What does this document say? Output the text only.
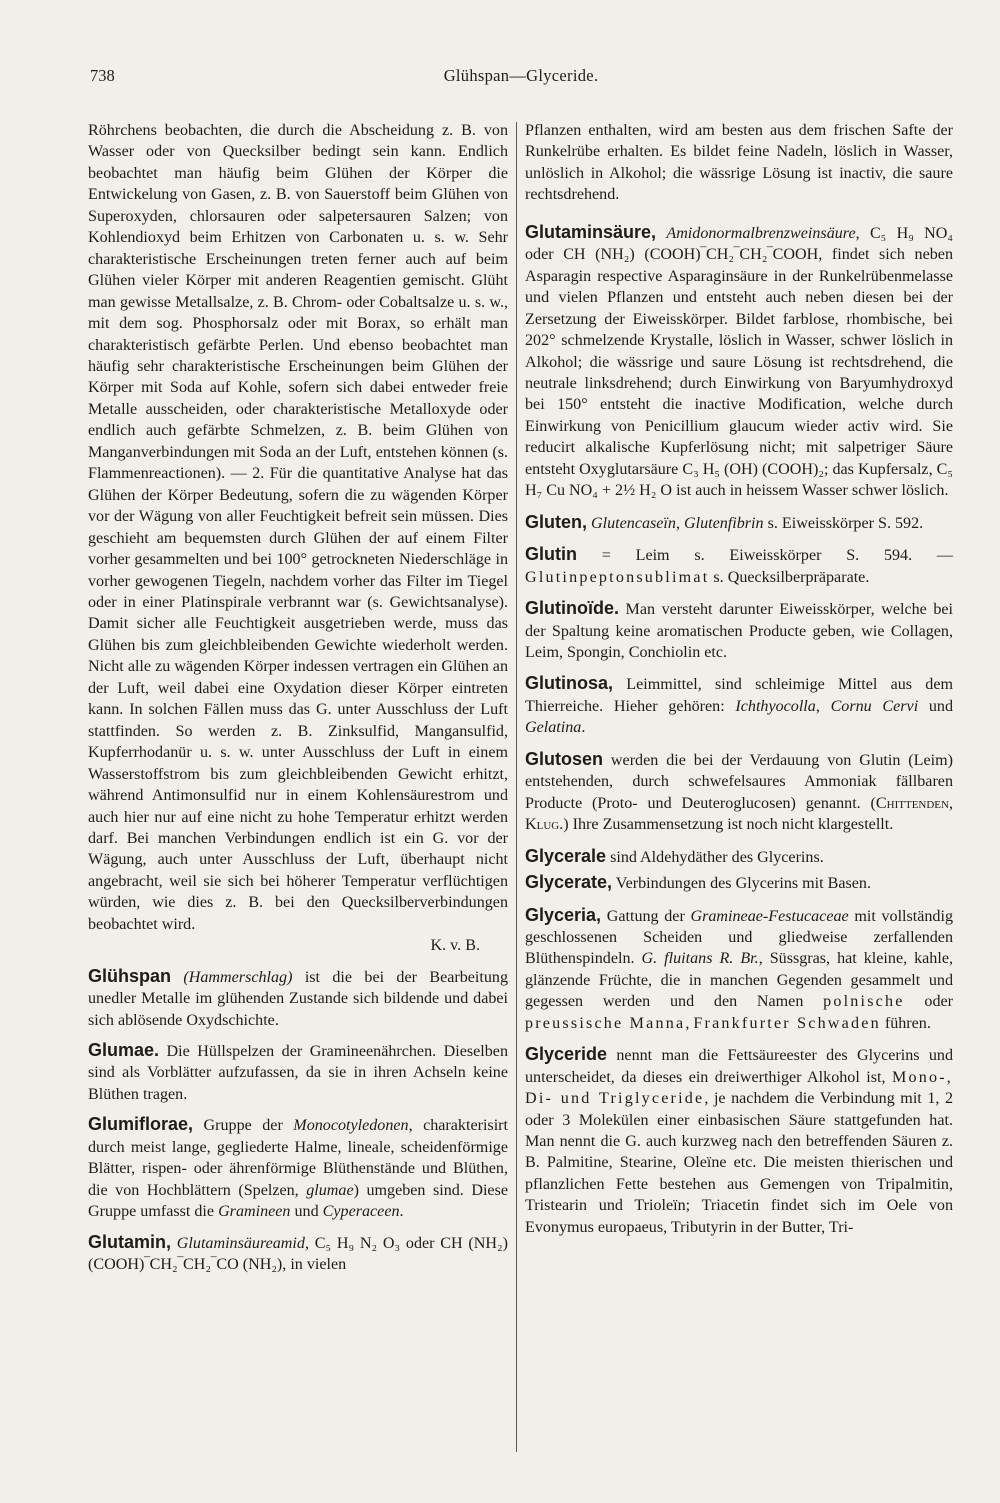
738	Glühspan—Glyceride.

Röhrchens beobachten, die durch die Abscheidung z. B. von Wasser oder von Quecksilber bedingt sein kann. Endlich beobachtet man häufig beim Glühen der Körper die Entwickelung von Gasen, z. B. von Sauerstoff beim Glühen von Superoxyden, chlorsauren oder salpetersauren Salzen; von Kohlendioxyd beim Erhitzen von Carbonaten u. s. w. Sehr charakteristische Erscheinungen treten ferner auch auf beim Glühen vieler Körper mit anderen Reagentien gemischt. Glüht man gewisse Metallsalze, z. B. Chrom- oder Cobaltsalze u. s. w., mit dem sog. Phosphorsalz oder mit Borax, so erhält man charakteristisch gefärbte Perlen. Und ebenso beobachtet man häufig sehr charakteristische Erscheinungen beim Glühen der Körper mit Soda auf Kohle, sofern sich dabei entweder freie Metalle ausscheiden, oder charakteristische Metalloxyde oder endlich auch gefärbte Schmelzen, z. B. beim Glühen von Manganverbindungen mit Soda an der Luft, entstehen können (s. Flammenreactionen). — 2. Für die quantitative Analyse hat das Glühen der Körper Bedeutung, sofern die zu wägenden Körper vor der Wägung von aller Feuchtigkeit befreit sein müssen. Dies geschieht am bequemsten durch Glühen der auf einem Filter vorher gesammelten und bei 100° getrockneten Niederschläge in vorher gewogenen Tiegeln, nachdem vorher das Filter im Tiegel oder in einer Platinspirale verbrannt war (s. Gewichtsanalyse). Damit sicher alle Feuchtigkeit ausgetrieben werde, muss das Glühen bis zum gleichbleibenden Gewichte wiederholt werden. Nicht alle zu wägenden Körper indessen vertragen ein Glühen an der Luft, weil dabei eine Oxydation dieser Körper eintreten kann. In solchen Fällen muss das G. unter Ausschluss der Luft stattfinden. So werden z. B. Zinksulfid, Mangansulfid, Kupferrhodanür u. s. w. unter Ausschluss der Luft in einem Wasserstoffstrom bis zum gleichbleibenden Gewicht erhitzt, während Antimonsulfid nur in einem Kohlensäurestrom und auch hier nur auf eine nicht zu hohe Temperatur erhitzt werden darf. Bei manchen Verbindungen endlich ist ein G. vor der Wägung, auch unter Ausschluss der Luft, überhaupt nicht angebracht, weil sie sich bei höherer Temperatur verflüchtigen würden, wie dies z. B. bei den Quecksilberverbindungen beobachtet wird.

K. v. B.

Glühspan (Hammerschlag) ist die bei der Bearbeitung unedler Metalle im glühenden Zustande sich bildende und dabei sich ablösende Oxydschichte.

Glumae. Die Hüllspelzen der Gramineenährchen. Dieselben sind als Vorblätter aufzufassen, da sie in ihren Achseln keine Blüthen tragen.

Glumiflorae, Gruppe der Monocotyledonen, charakterisirt durch meist lange, gegliederte Halme, lineale, scheidenförmige Blätter, rispen- oder ährenförmige Blüthenstände und Blüthen, die von Hochblättern (Spelzen, glumae) umgeben sind. Diese Gruppe umfasst die Gramineen und Cyperaceen.

Glutamin, Glutaminsäureamid, C₅ H₉ N₂ O₃ oder CH (NH₂) (COOH)‾CH₂‾CH₂‾CO (NH₂), in vielen

Pflanzen enthalten, wird am besten aus dem frischen Safte der Runkelrübe erhalten. Es bildet feine Nadeln, löslich in Wasser, unlöslich in Alkohol; die wässrige Lösung ist inactiv, die saure rechtsdrehend.

Glutaminsäure, Amidonormalbrenzweinsäure, C₅ H₉ NO₄ oder CH (NH₂) (COOH)‾CH₂‾CH₂‾COOH, findet sich neben Asparagin respective Asparaginsäure in der Runkelrübenmelasse und vielen Pflanzen und entsteht auch neben diesen bei der Zersetzung der Eiweisskörper. Bildet farblose, rhombische, bei 202° schmelzende Krystalle, löslich in Wasser, schwer löslich in Alkohol; die wässrige und saure Lösung ist rechtsdrehend, die neutrale linksdrehend; durch Einwirkung von Baryumhydroxyd bei 150° entsteht die inactive Modification, welche durch Einwirkung von Penicillium glaucum wieder activ wird. Sie reducirt alkalische Kupferlösung nicht; mit salpetriger Säure entsteht Oxyglutarsäure C₃ H₅ (OH) (COOH)₂; das Kupfersalz, C₅ H₇ Cu NO₄ + 2½ H₂ O ist auch in heissem Wasser schwer löslich.

Gluten, Glutencaseïn, Glutenfibrin s. Eiweisskörper S. 592.

Glutin = Leim s. Eiweisskörper S. 594. — Glutinpeptonsublimat s. Quecksilberpräparate.

Glutinoïde. Man versteht darunter Eiweisskörper, welche bei der Spaltung keine aromatischen Producte geben, wie Collagen, Leim, Spongin, Conchiolin etc.

Glutinosa, Leimmittel, sind schleimige Mittel aus dem Thierreiche. Hieher gehören: Ichthyocolla, Cornu Cervi und Gelatina.

Glutosen werden die bei der Verdauung von Glutin (Leim) entstehenden, durch schwefelsaures Ammoniak fällbaren Producte (Proto- und Deuteroglucosen) genannt. (Chittenden, Klug.) Ihre Zusammensetzung ist noch nicht klargestellt.

Glycerale sind Aldehydäther des Glycerins.

Glycerate, Verbindungen des Glycerins mit Basen.

Glyceria, Gattung der Gramineae-Festucaceae mit vollständig geschlossenen Scheiden und gliedweise zerfallenden Blüthenspindeln. G. fluitans R. Br., Süssgras, hat kleine, kahle, glänzende Früchte, die in manchen Gegenden gesammelt und gegessen werden und den Namen polnische oder preussische Manna, Frankfurter Schwaden führen.

Glyceride nennt man die Fettsäureester des Glycerins und unterscheidet, da dieses ein dreiwerthiger Alkohol ist, Mono-, Di- und Triglyceride, je nachdem die Verbindung mit 1, 2 oder 3 Molekülen einer einbasischen Säure stattgefunden hat. Man nennt die G. auch kurzweg nach den betreffenden Säuren z. B. Palmitine, Stearine, Oleïne etc. Die meisten thierischen und pflanzlichen Fette bestehen aus Gemengen von Tripalmitin, Tristearin und Trioleïn; Triacetin findet sich im Oele von Evonymus europaeus, Tributyrin in der Butter, Tri-
